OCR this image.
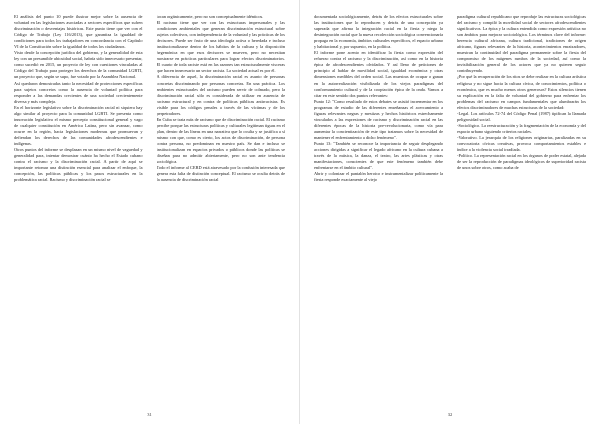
El análisis del punto 10 puede ilustrar mejor sobre la ausencia de voluntad en las legislaciones asociadas a sectores específicos que sufren discriminación o desventajas históricas. Este punto tiene que ver con el Código de Trabajo (Ley 116/2013), que garantiza la igualdad de condiciones para todos los trabajadores en concordancia con el Capítulo VI de la Constitución sobre la igualdad de todos los ciudadanos.

Visto desde la concepción jurídica del gobierno, y la generalidad de esta ley con un presumible ubicuidad social, habría sido innecesario presentar, como sucedió en 2015, un proyecto de ley con cuestiones vinculadas al Código del Trabajo para proteger los derechos de la comunidad LGBTI, un proyecto que, según se supo, fue votado por la Asamblea Nacional.

Así quedaron demostradas tanto la necesidad de protecciones específicas para sujetos concretos como la ausencia de voluntad política para responder a las demandas crecientes de una sociedad crecientemente diversa y más compleja.

En el horizonte legislativo sobre la discriminación racial ni siquiera hay algo similar al proyecto para la comunidad LGBTI. Se presenta como innovación legislativa el mismo precepto constitucional general y vago de cualquier constitución en América Latina, pero sin avanzar, como ocurre en la región, hacia legislaciones modernas que promuevan y defiendan los derechos de las comunidades afrodescendientes e indígenas.

Otros puntos del informe se desplazan en un mismo nivel de vaguedad y generalidad para, intentar demostrar cuánto ha hecho el Estado cubano contra el racismo y la discriminación racial. A partir de aquí se importante retomar una distinción esencial para analizar el enfoque, la concepción, las políticas públicas y los pasos estructurales en la problemática racial. Racismo y discriminación racial se

tocan orgánicamente, pero no son conceptualmente idénticos.

El racismo tiene que ver con las estructuras impersonales y las condiciones ambientales que generan discriminación estructural sobre sujetos colectivos, con independencia de la voluntad y las prácticas de los decisores. Puede ser fruto de una ideología activa o heredada e incluso institucionalizarse dentro de los hábitos de la cultura y la disposición hegemónica en que esos decisores se mueven, pero no necesitan mostrarse en prácticas particulares para lograr efectos discriminatorios. El cuarto de toda raciste está en las razones tan estructuralmente visceras que hacen innecesario un sector racista. La sociedad actual es por él.

A diferencia de aquel, la discriminación racial es asunto de personas concretas discriminando por personas concretas. En una práctica. Los ambientes estructurales del racismo pueden servir de colmado, pero la discriminación racial sólo es considerada de utilizar en ausencia de racismo estructural y en contra de políticas públicas antirracistas. Es visible para los códigos penales a través de las víctimas y de los perpetradores.

En Cuba se trata más de racismo que de discriminación racial. El racismo percibe porque las estructuras políticas y culturales legitiman tiguas en el plan, dentro de las líneas en una narrativa que lo oculta y se justifica a sí mismo con que, como es cierto, los actos de discriminación, de persona contra persona, no predominan en nuestro país. Se dan e incluso se institucionalizan en espacios privados o públicos donde las políticas se diseñan para no admitir abiertamente, pero no son ante tendencia sociológica.

Todo el informe al CERD está atravesado por la confusión interesada que genera esta falta de distinción conceptual. El racismo se oculta detrás de la ausencia de discriminación racial

31

documentada sociológicamente, detrás de los efectos estructurales sobre las instituciones que lo reproducen y detrás de una concepción ya superada que afirma la integración racial en la fiesta y niega la desintegración racial que la nueva recolección sociológica convencionaría propaga en la economía, ámbitos culturales específicos, el espacio urbano y habitacional y, por supuesto, en la política.

El informe pone acento en identificar la fiesta como expresión del refuerzo contra el racismo y la discriminación, así como en la historia épica de afrodescendientes olvidados. Y así lleno de peticiones de principio al hablar de movilidad social, igualdad económica y otras dimensiones medibles del orden social. Las muestras de ocupar o ganan en la autorrealización visibilizada de los viejos paradigmas del conformamiento cultural y de la cooptación épica de la onda. Vamos a citar en este sentido dos puntos relevantes:

Punto 12: "Como resultado de estos debates se asistió incrementar en los programas de estudio de las diferentes enseñanzas el acercamiento a figuras relevantes negras y mestizas y hechos históricos estrechamente vinculados a las expresiones de racismo y discriminación racial en las diferentes épocas de la historia pre-revolucionaria, como vía para aumentar la concientización de este tipo tratamos sobre la necesidad de mantener el enfrentamiento a dicho fenómeno".

Punto 13: "También se reconoce la importancia de seguir desplegando acciones dirigidas a significar el legado africano en la cultura cubana a través de la música, la danza, el teatro, las artes plásticas y otras manifestaciones, conscientes de que este fenómeno también debe enfrentarse en el ámbito cultural".

Abrir y colonizar el pantalón heroico e instrumentalizar políticamente la fiesta responde exactamente al viejo

paradigma cultural republicano que reproduje las estructuras sociológicas del racismo y compiló la movilidad social de sectores afrodescendientes significativos. La épica y la cultura entendida como expresión artística no son ámbitos para mejorar socioiológica. Los términos clave del informe: herencia cultural africana, cultura tradicional, tradiciones de origen africano, figuras relevantes de la historia, acontecimientos enraizadores, muestran la continuidad del paradigma permanente sobre la fiesta del compromiso de los mágenes rumbos de la sociedad, así como la invisibilización general de los actores que ya no quieren seguir contribuyendo.

¿Por qué la recuperación de los ritos se debe realizar en la cultura artística religiosa y no sigue hacia la cultura cívica, de conocimientos, política o económica, que es mucho menos otros generosos? Estos silencios tienen su explicación en la falta de voluntad del gobierno para enfrentar los problemas del racismo en campos fundamentales que alumbrarán los efectos discriminadores de muchas estructuras de la sociedad:

-Legal. Los artículos 72-74 del Código Penal (1987) tipifican la llamada peligrosidad social.

-Sociológico. La reestructuración y la fragmentación de la economía y del espacio urbano siguiendo criterios raciales.

-Valorativo. La jerarquía de los religiones originarias, paralizadas en su convocatoria cívicas creativas, provoca comportamientos estables e índice a la violencia social irradiada.

-Político. La representación racial en los órganos de poder estatal, alejada de ser la reproducción de paradigmas ideológicos de superioridad racista de unos sobre otros, como acaba de

32
